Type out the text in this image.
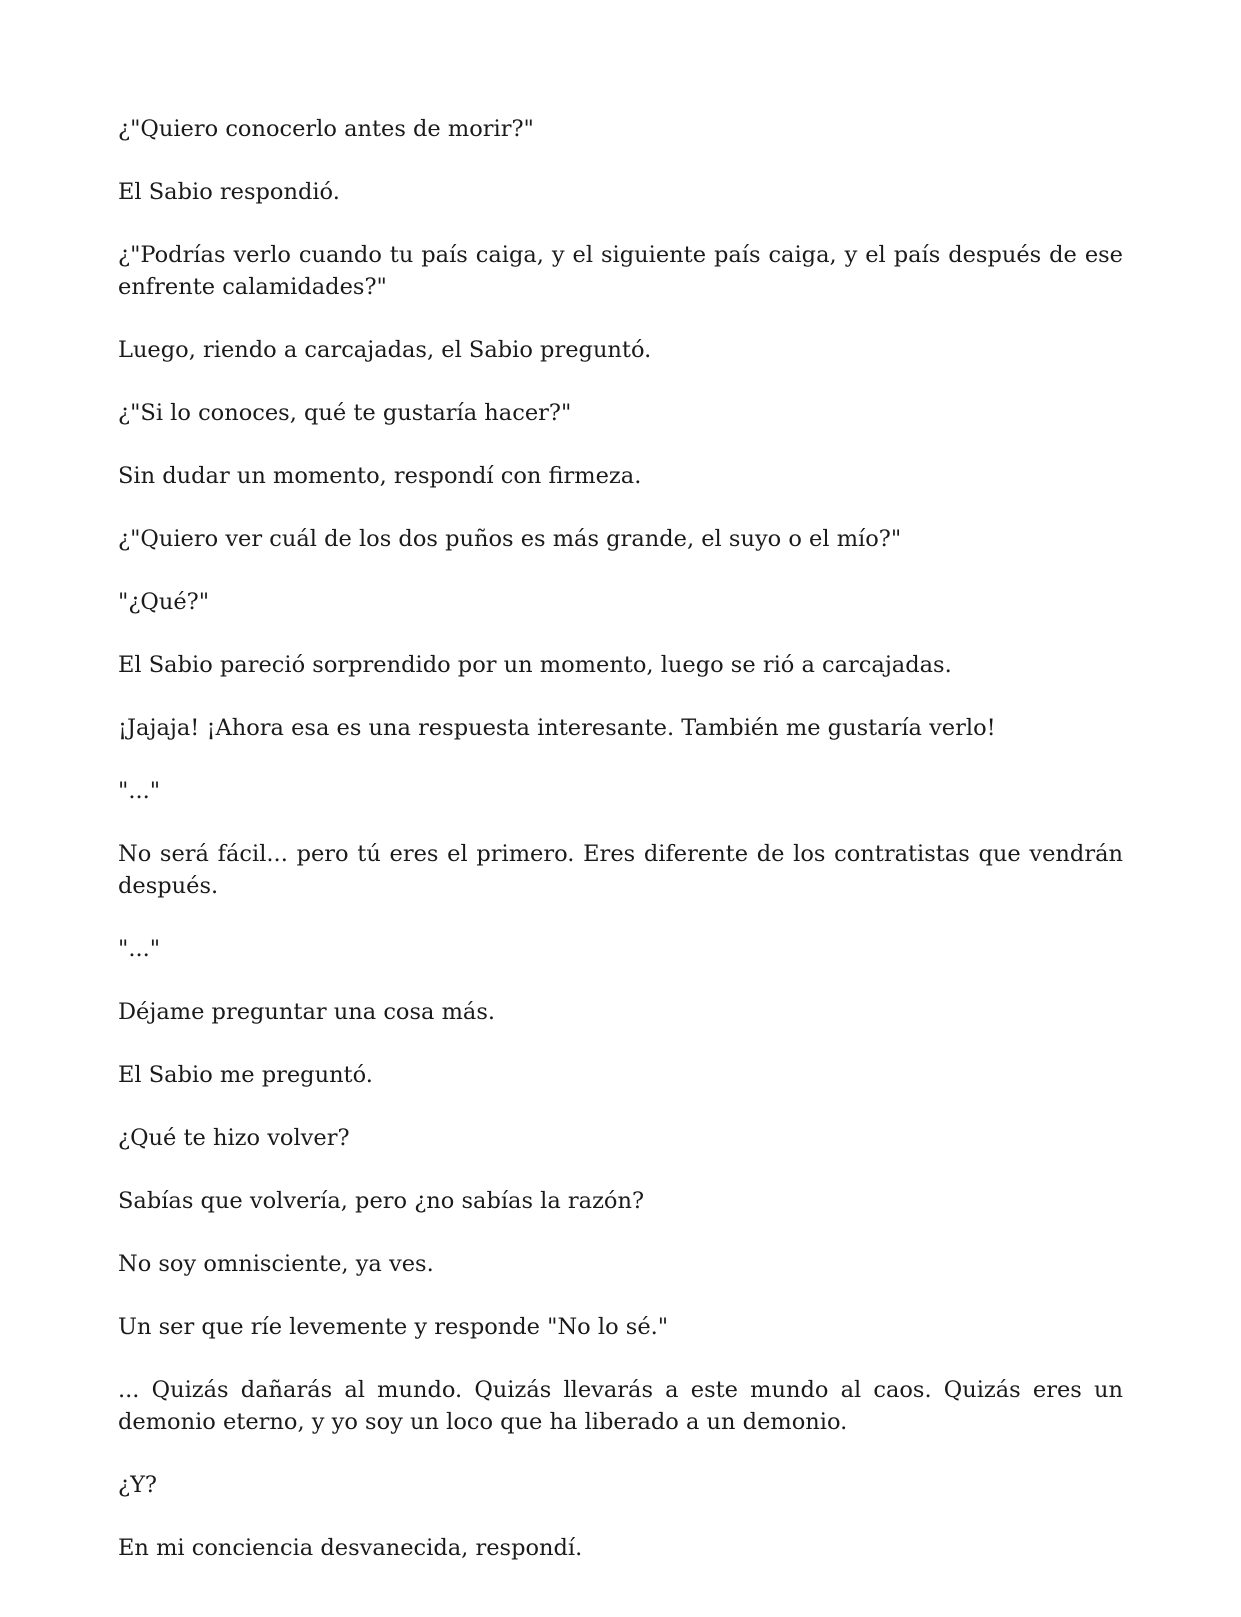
¿"Quiero conocerlo antes de morir?"

El Sabio respondió.

¿"Podrías verlo cuando tu país caiga, y el siguiente país caiga, y el país después de ese enfrente calamidades?"

Luego, riendo a carcajadas, el Sabio preguntó.

¿"Si lo conoces, qué te gustaría hacer?"

Sin dudar un momento, respondí con firmeza.

¿"Quiero ver cuál de los dos puños es más grande, el suyo o el mío?"

"¿Qué?"

El Sabio pareció sorprendido por un momento, luego se rió a carcajadas.

¡Jajaja! ¡Ahora esa es una respuesta interesante. También me gustaría verlo!

"..."

No será fácil... pero tú eres el primero. Eres diferente de los contratistas que vendrán después.

"..."

Déjame preguntar una cosa más.

El Sabio me preguntó.

¿Qué te hizo volver?

Sabías que volvería, pero ¿no sabías la razón?

No soy omnisciente, ya ves.

Un ser que ríe levemente y responde "No lo sé."

... Quizás dañarás al mundo. Quizás llevarás a este mundo al caos. Quizás eres un demonio eterno, y yo soy un loco que ha liberado a un demonio.

¿Y?

En mi conciencia desvanecida, respondí.
